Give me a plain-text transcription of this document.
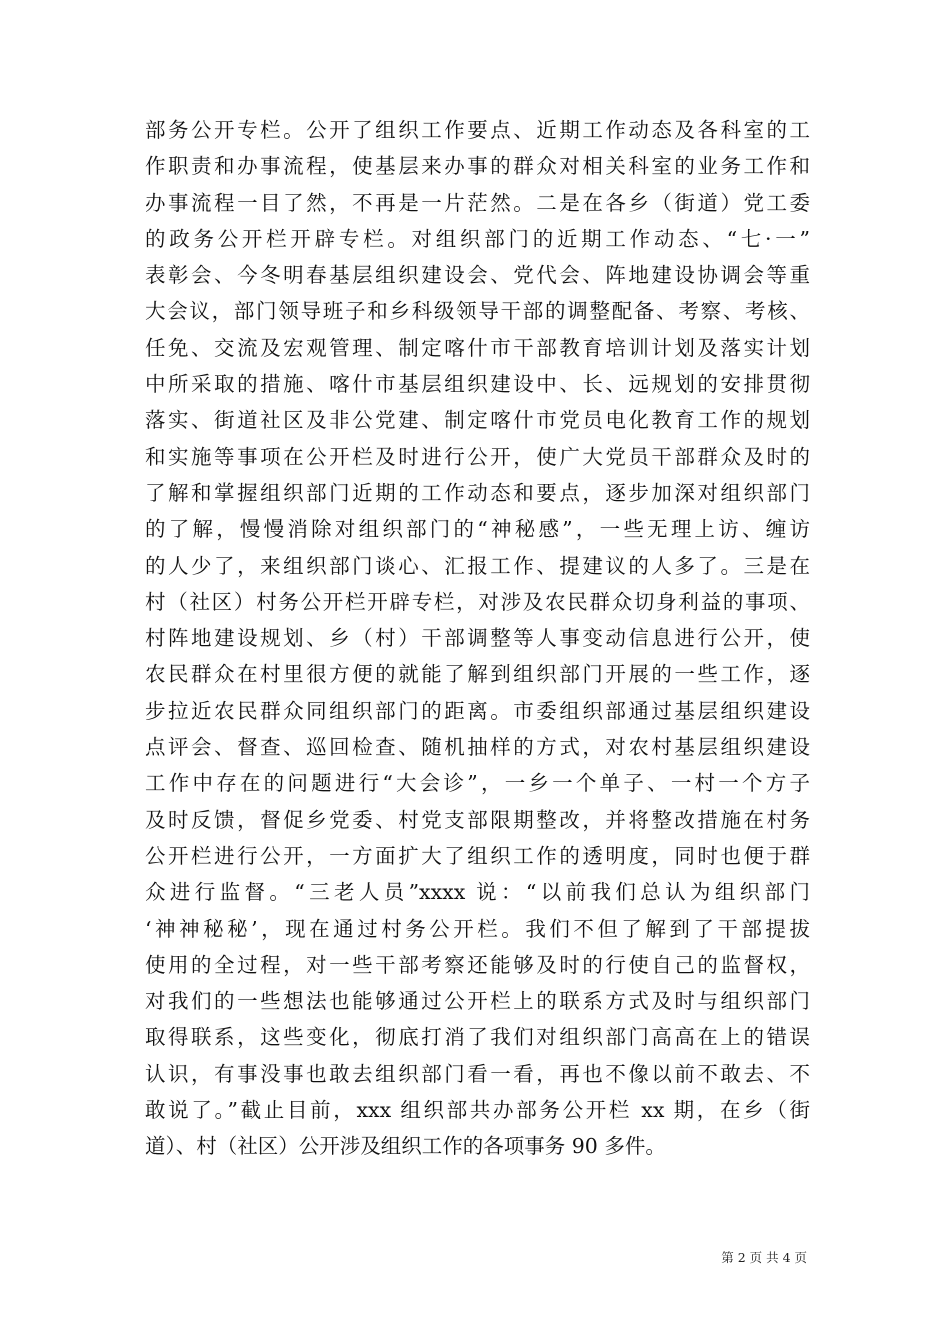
部务公开专栏。公开了组织工作要点、近期工作动态及各科室的工
作职责和办事流程，使基层来办事的群众对相关科室的业务工作和
办事流程一目了然，不再是一片茫然。二是在各乡（街道）党工委
的政务公开栏开辟专栏。对组织部门的近期工作动态、“七·一”
表彰会、今冬明春基层组织建设会、党代会、阵地建设协调会等重
大会议，部门领导班子和乡科级领导干部的调整配备、考察、考核、
任免、交流及宏观管理、制定喀什市干部教育培训计划及落实计划
中所采取的措施、喀什市基层组织建设中、长、远规划的安排贯彻
落实、街道社区及非公党建、制定喀什市党员电化教育工作的规划
和实施等事项在公开栏及时进行公开，使广大党员干部群众及时的
了解和掌握组织部门近期的工作动态和要点，逐步加深对组织部门
的了解，慢慢消除对组织部门的“神秘感”，一些无理上访、缠访
的人少了，来组织部门谈心、汇报工作、提建议的人多了。三是在
村（社区）村务公开栏开辟专栏，对涉及农民群众切身利益的事项、
村阵地建设规划、乡（村）干部调整等人事变动信息进行公开，使
农民群众在村里很方便的就能了解到组织部门开展的一些工作，逐
步拉近农民群众同组织部门的距离。市委组织部通过基层组织建设
点评会、督查、巡回检查、随机抽样的方式，对农村基层组织建设
工作中存在的问题进行“大会诊”，一乡一个单子、一村一个方子
及时反馈，督促乡党委、村党支部限期整改，并将整改措施在村务
公开栏进行公开，一方面扩大了组织工作的透明度，同时也便于群
众进行监督。“三老人员”xxxx 说：“以前我们总认为组织部门
‘神神秘秘’，现在通过村务公开栏。我们不但了解到了干部提拔
使用的全过程，对一些干部考察还能够及时的行使自己的监督权，
对我们的一些想法也能够通过公开栏上的联系方式及时与组织部门
取得联系，这些变化，彻底打消了我们对组织部门高高在上的错误
认识，有事没事也敢去组织部门看一看，再也不像以前不敢去、不
敢说了。”截止目前，xxx 组织部共办部务公开栏 xx 期，在乡（街
道）、村（社区）公开涉及组织工作的各项事务 90 多件。
第 2 页 共 4 页
